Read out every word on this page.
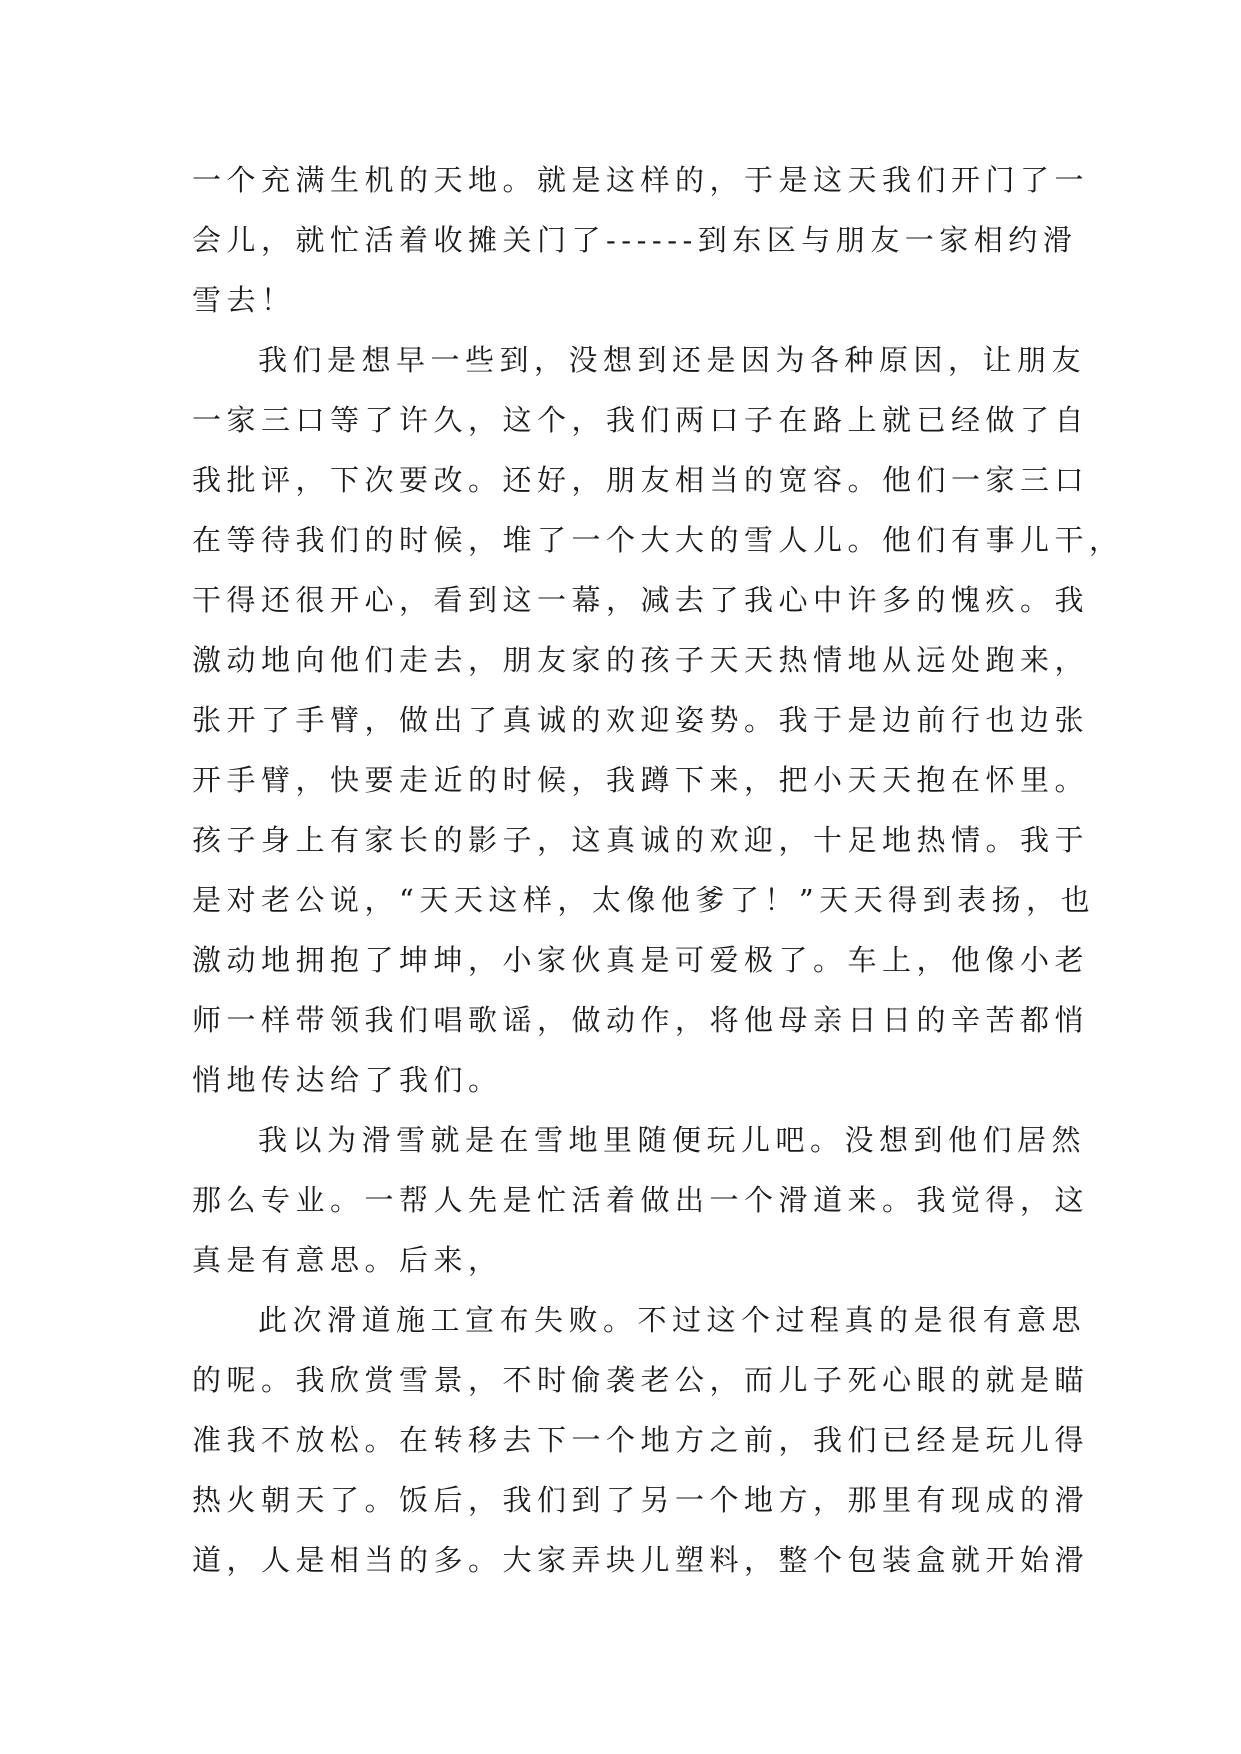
一个充满生机的天地。就是这样的，于是这天我们开门了一
会儿，就忙活着收摊关门了------到东区与朋友一家相约滑
雪去！
我们是想早一些到，没想到还是因为各种原因，让朋友
一家三口等了许久，这个，我们两口子在路上就已经做了自
我批评，下次要改。还好，朋友相当的宽容。他们一家三口
在等待我们的时候，堆了一个大大的雪人儿。他们有事儿干，
干得还很开心，看到这一幕，减去了我心中许多的愧疚。我
激动地向他们走去，朋友家的孩子天天热情地从远处跑来，
张开了手臂，做出了真诚的欢迎姿势。我于是边前行也边张
开手臂，快要走近的时候，我蹲下来，把小天天抱在怀里。
孩子身上有家长的影子，这真诚的欢迎，十足地热情。我于
是对老公说，“天天这样，太像他爹了！”天天得到表扬，也
激动地拥抱了坤坤，小家伙真是可爱极了。车上，他像小老
师一样带领我们唱歌谣，做动作，将他母亲日日的辛苦都悄
悄地传达给了我们。
我以为滑雪就是在雪地里随便玩儿吧。没想到他们居然
那么专业。一帮人先是忙活着做出一个滑道来。我觉得，这
真是有意思。后来，
此次滑道施工宣布失败。不过这个过程真的是很有意思
的呢。我欣赏雪景，不时偷袭老公，而儿子死心眼的就是瞄
准我不放松。在转移去下一个地方之前，我们已经是玩儿得
热火朝天了。饭后，我们到了另一个地方，那里有现成的滑
道，人是相当的多。大家弄块儿塑料，整个包装盒就开始滑
